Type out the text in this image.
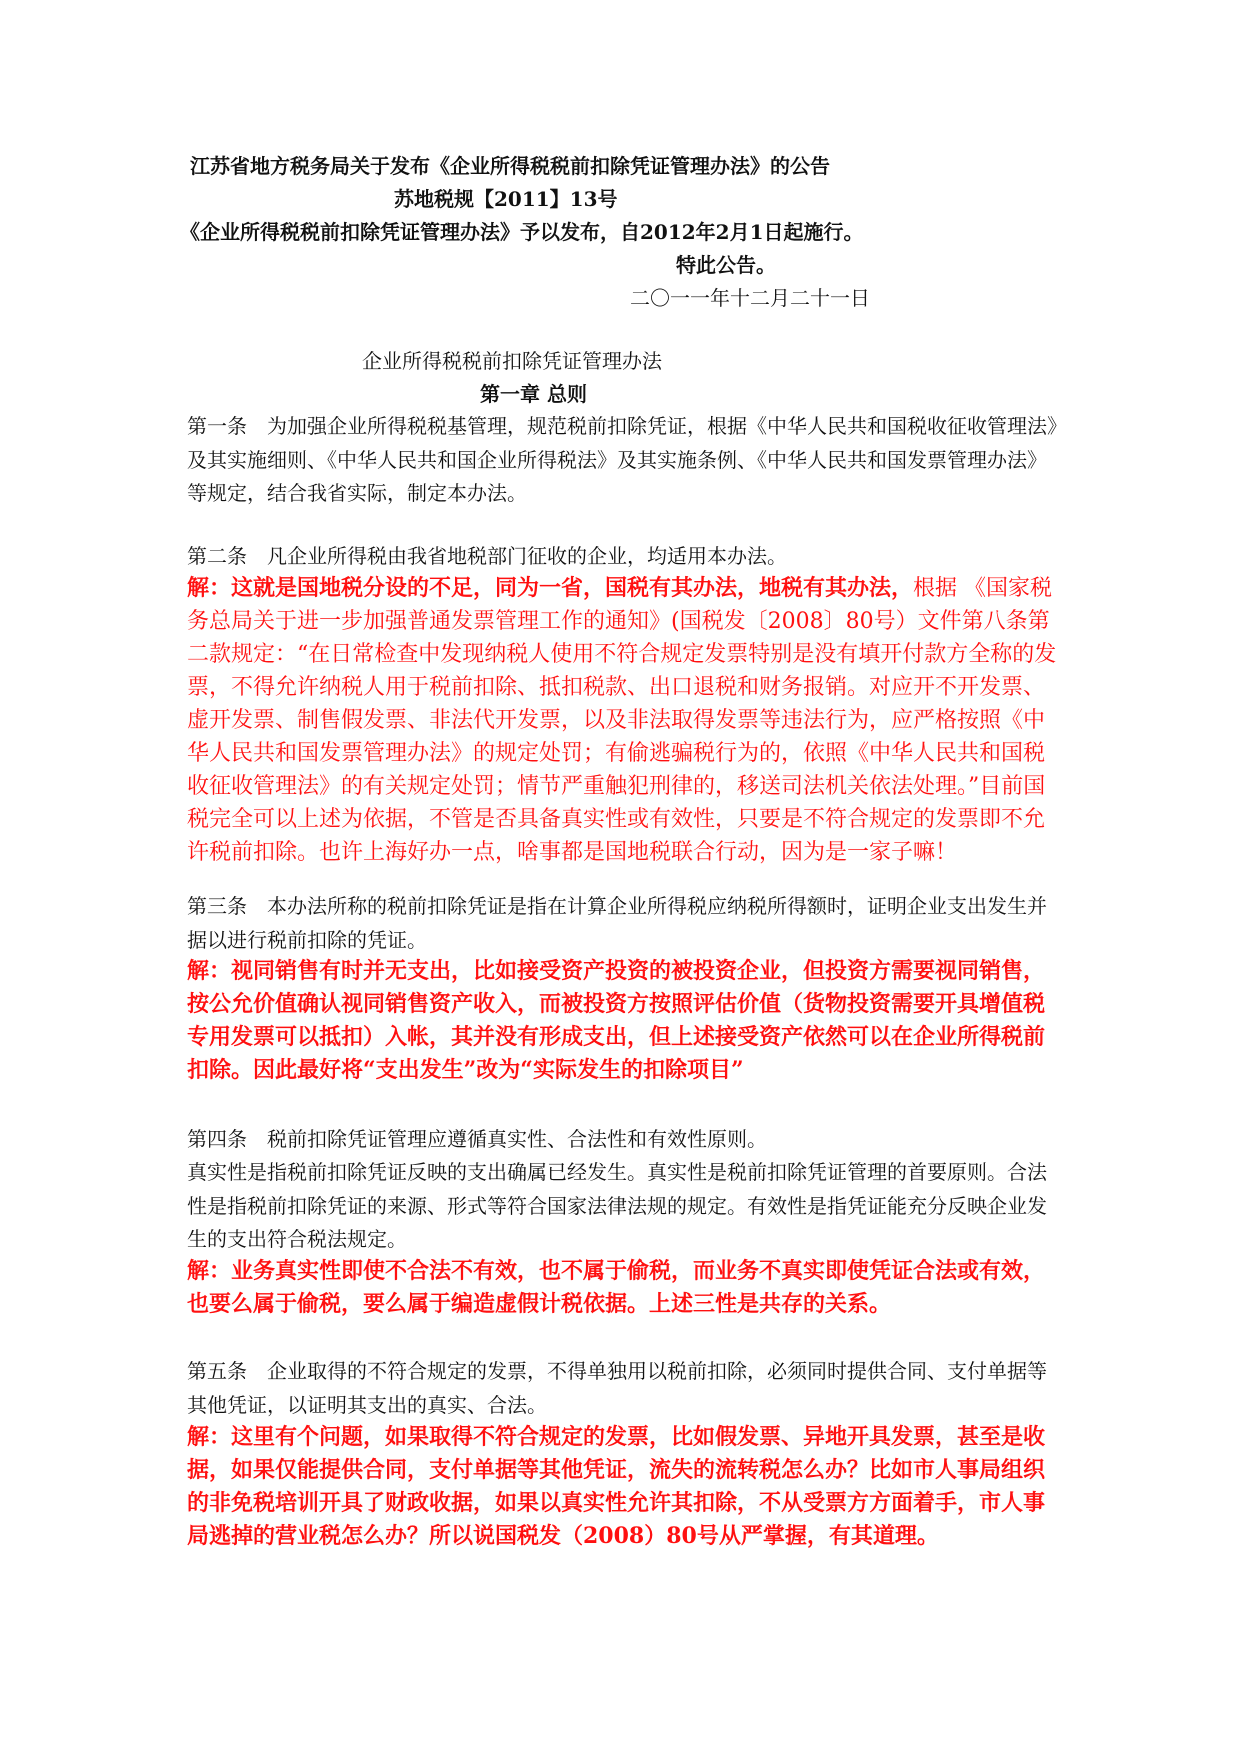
江苏省地方税务局关于发布《企业所得税税前扣除凭证管理办法》的公告
苏地税规【2011】13号
《企业所得税税前扣除凭证管理办法》予以发布，自2012年2月1日起施行。
特此公告。
二〇一一年十二月二十一日
企业所得税税前扣除凭证管理办法
第一章 总则
第一条　为加强企业所得税税基管理，规范税前扣除凭证，根据《中华人民共和国税收征收管理法》及其实施细则、《中华人民共和国企业所得税法》及其实施条例、《中华人民共和国发票管理办法》等规定，结合我省实际，制定本办法。
第二条　凡企业所得税由我省地税部门征收的企业，均适用本办法。
解：这就是国地税分设的不足，同为一省，国税有其办法，地税有其办法，根据 《国家税务总局关于进一步加强普通发票管理工作的通知》(国税发〔2008〕80号）文件第八条第二款规定：“在日常检查中发现纳税人使用不符合规定发票特别是没有填开付款方全称的发票，不得允许纳税人用于税前扣除、抵扣税款、出口退税和财务报销。对应开不开发票、虚开发票、制售假发票、非法代开发票，以及非法取得发票等违法行为，应严格按照《中华人民共和国发票管理办法》的规定处罚；有偷逃骗税行为的，依照《中华人民共和国税收征收管理法》的有关规定处罚；情节严重触犯刑律的，移送司法机关依法处理。”目前国税完全可以上述为依据，不管是否具备真实性或有效性，只要是不符合规定的发票即不允许税前扣除。也许上海好办一点，啥事都是国地税联合行动，因为是一家子嘛！
第三条　本办法所称的税前扣除凭证是指在计算企业所得税应纳税所得额时，证明企业支出发生并据以进行税前扣除的凭证。
解：视同销售有时并无支出，比如接受资产投资的被投资企业，但投资方需要视同销售，按公允价值确认视同销售资产收入，而被投资方按照评估价值（货物投资需要开具增值税专用发票可以抵扣）入帐，其并没有形成支出，但上述接受资产依然可以在企业所得税前扣除。因此最好将“支出发生”改为“实际发生的扣除项目”
第四条　税前扣除凭证管理应遵循真实性、合法性和有效性原则。
真实性是指税前扣除凭证反映的支出确属已经发生。真实性是税前扣除凭证管理的首要原则。合法性是指税前扣除凭证的来源、形式等符合国家法律法规的规定。有效性是指凭证能充分反映企业发生的支出符合税法规定。
解：业务真实性即使不合法不有效，也不属于偷税，而业务不真实即使凭证合法或有效，也要么属于偷税，要么属于编造虚假计税依据。上述三性是共存的关系。
第五条　企业取得的不符合规定的发票，不得单独用以税前扣除，必须同时提供合同、支付单据等其他凭证，以证明其支出的真实、合法。
解：这里有个问题，如果取得不符合规定的发票，比如假发票、异地开具发票，甚至是收据，如果仅能提供合同，支付单据等其他凭证，流失的流转税怎么办？比如市人事局组织的非免税培训开具了财政收据，如果以真实性允许其扣除，不从受票方方面着手，市人事局逃掉的营业税怎么办？所以说国税发（2008）80号从严掌握，有其道理。
